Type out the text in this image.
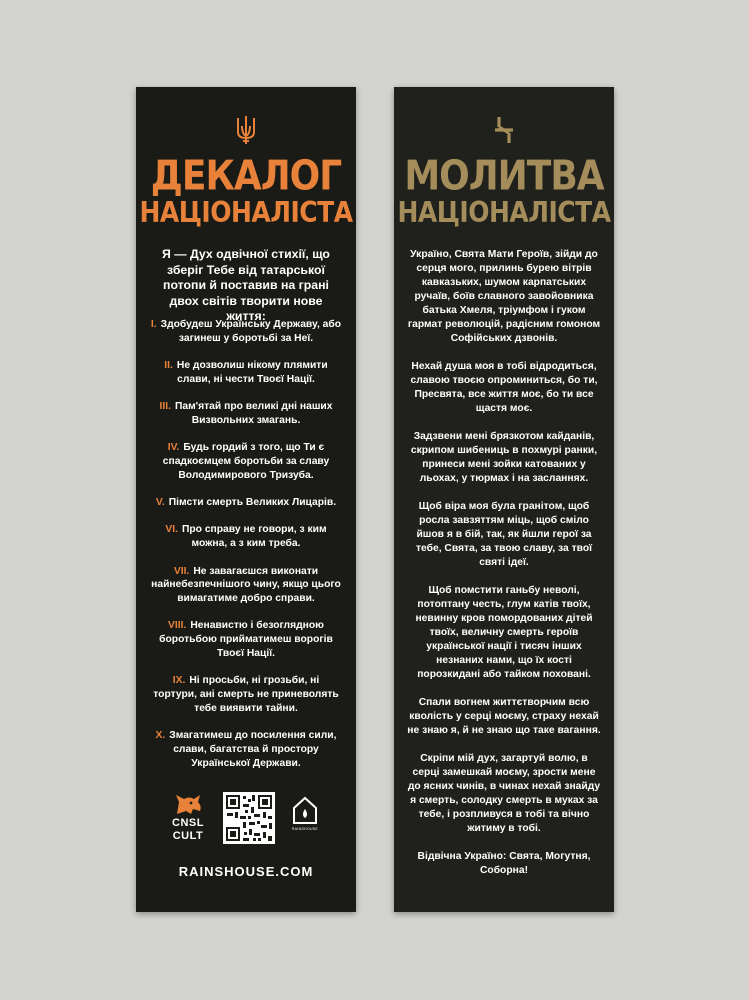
ДЕКАЛОГ
НАЦІОНАЛІСТА
Я — Дух одвічної стихії, що зберіг Тебе від татарської потопи й поставив на грані двох світів творити нове життя:
I. Здобудеш Українську Державу, або загинеш у боротьбі за Неї.
II. Не дозволиш нікому плямити слави, ні чести Твоєї Нації.
III. Пам'ятай про великі дні наших Визвольних змагань.
IV. Будь гордий з того, що Ти є спадкоємцем боротьби за славу Володимирового Тризуба.
V. Пімсти смерть Великих Лицарів.
VI. Про справу не говори, з ким можна, а з ким треба.
VII. Не завагаєшся виконати найнебезпечнішого чину, якщо цього вимагатиме добро справи.
VIII. Ненавистю і безоглядною боротьбою прийматимеш ворогів Твоєї Нації.
IX. Ні просьби, ні грозьби, ні тортури, ані смерть не приневолять тебе виявити тайни.
X. Змагатимеш до посилення сили, слави, багатства й простору Української Держави.
CNSL
CULT
RAINSHOUSE
RAINSHOUSE.COM
МОЛИТВА
НАЦІОНАЛІСТА
Україно, Свята Мати Героїв, зійди до серця мого, прилинь бурею вітрів кавказьких, шумом карпатських ручаїв, боїв славного завойовника батька Хмеля, тріумфом і гуком гармат революцій, радісним гомоном Софійських дзвонів.
Нехай душа моя в тобі відродиться, славою твоєю опроминиться, бо ти, Пресвята, все життя моє, бо ти все щастя моє.
Задзвени мені брязкотом кайданів, скрипом шибениць в похмурі ранки, принеси мені зойки катованих у льохах, у тюрмах і на засланнях.
Щоб віра моя була гранітом, щоб росла завзяттям міць, щоб сміло йшов я в бій, так, як йшли герої за тебе, Свята, за твою славу, за твої святі ідеї.
Щоб помстити ганьбу неволі, потоптану честь, глум катів твоїх, невинну кров помордованих дітей твоїх, величну смерть героїв української нації і тисяч інших незнаних нами, що їх кості порозкидані або тайком поховані.
Спали вогнем життєтворчим всю кволість у серці моєму, страху нехай не знаю я, й не знаю що таке вагання.
Скріпи мій дух, загартуй волю, в серці замешкай моєму, зрости мене до ясних чинів, в чинах нехай знайду я смерть, солодку смерть в муках за тебе, і розпливуся в тобі та вічно житиму в тобі.
Відвічна Україно: Свята, Могутня, Соборна!
